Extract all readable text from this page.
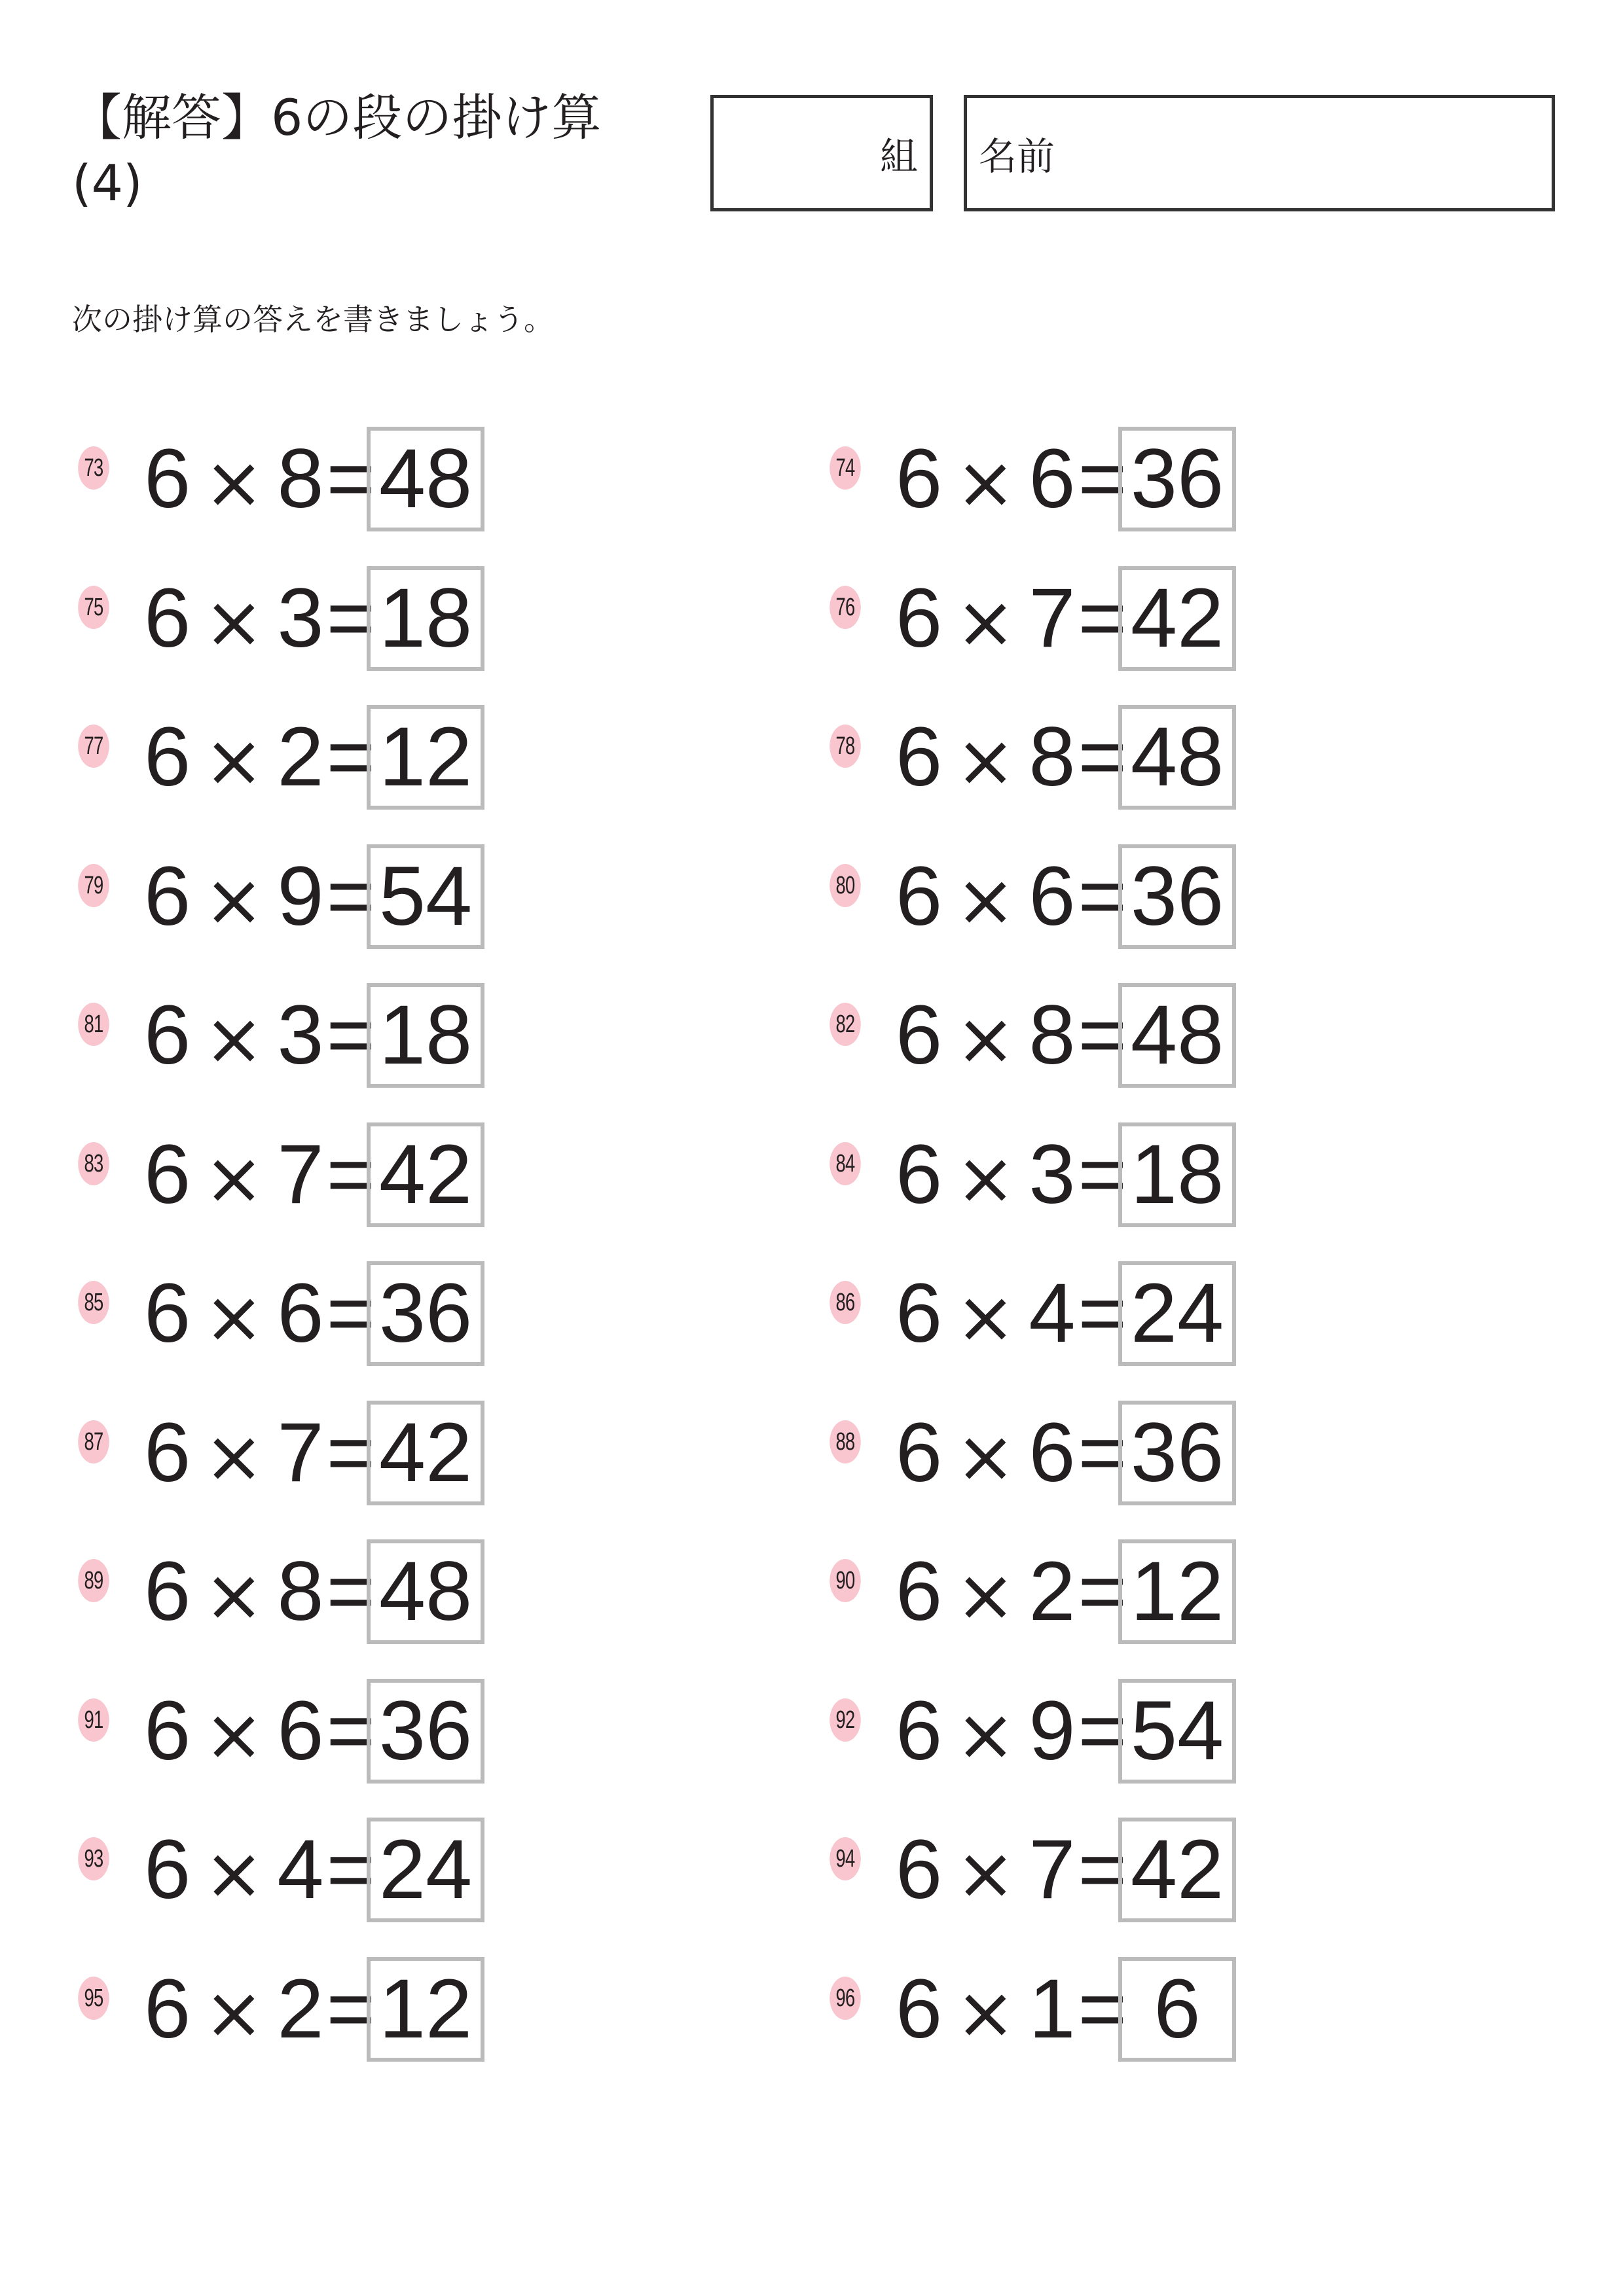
【解答】6の段の掛け算
(4)	組 名前

次の掛け算の答えを書きましょう。

73 6 × 8= 48	74 6 × 6= 36
75 6 × 3= 18	76 6 × 7= 42
77 6 × 2= 12	78 6 × 8= 48
79 6 × 9= 54	80 6 × 6= 36
81 6 × 3= 18	82 6 × 8= 48
83 6 × 7= 42	84 6 × 3= 18
85 6 × 6= 36	86 6 × 4= 24
87 6 × 7= 42	88 6 × 6= 36
89 6 × 8= 48	90 6 × 2= 12
91 6 × 6= 36	92 6 × 9= 54
93 6 × 4= 24	94 6 × 7= 42
95 6 × 2= 12	96 6 × 1= 6
